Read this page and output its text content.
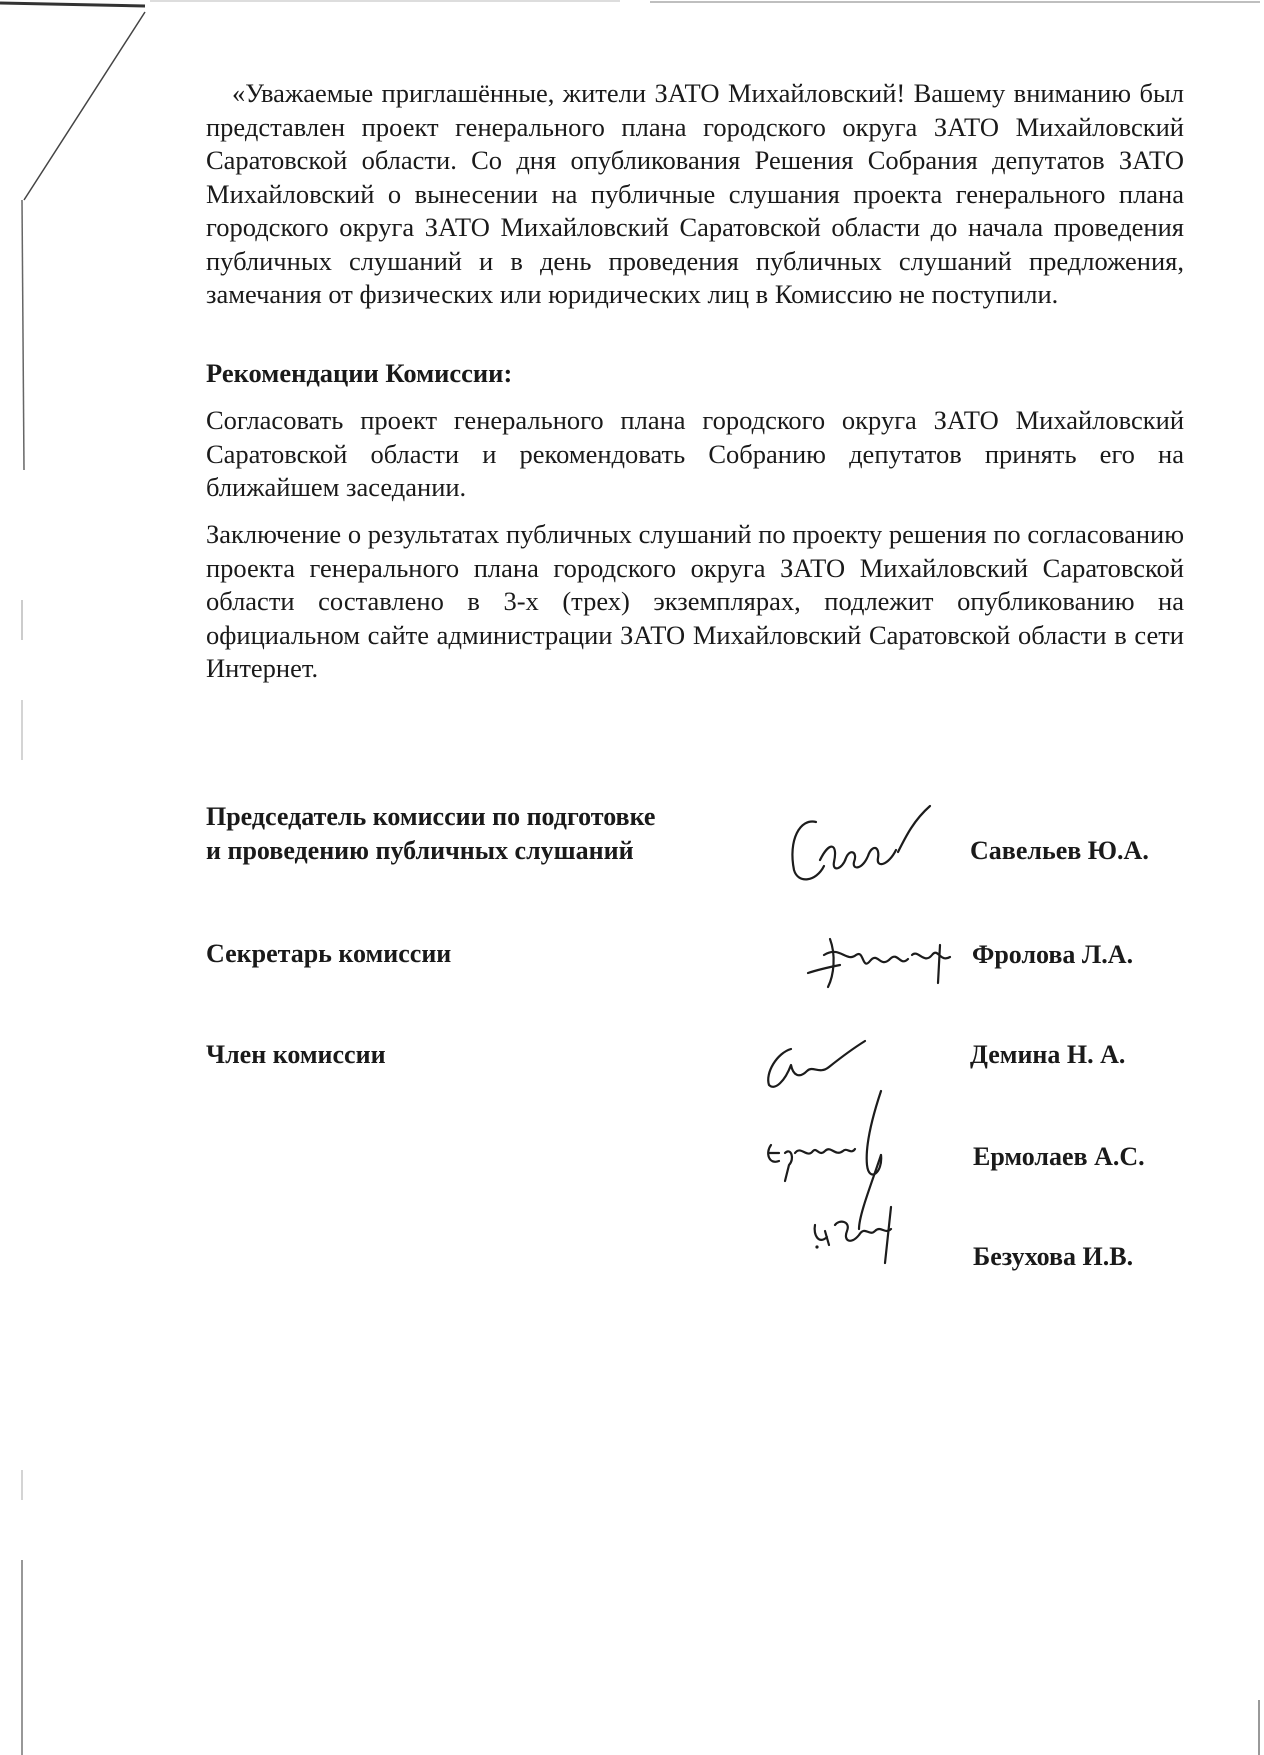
«Уважаемые приглашённые, жители ЗАТО Михайловский! Вашему вниманию был представлен проект генерального плана городского округа ЗАТО Михайловский Саратовской области. Со дня опубликования Решения Собрания депутатов ЗАТО Михайловский о вынесении на публичные слушания проекта генерального плана городского округа ЗАТО Михайловский Саратовской области до начала проведения публичных слушаний и в день проведения публичных слушаний предложения, замечания от физических или юридических лиц в Комиссию не поступили.

Рекомендации Комиссии:

Согласовать проект генерального плана городского округа ЗАТО Михайловский Саратовской области и рекомендовать Собранию депутатов принять его на ближайшем заседании.

Заключение о результатах публичных слушаний по проекту решения по согласованию проекта генерального плана городского округа ЗАТО Михайловский Саратовской области составлено в 3-х (трех) экземплярах, подлежит опубликованию на официальном сайте администрации ЗАТО Михайловский Саратовской области в сети Интернет.

Председатель комиссии по подготовке
и проведению публичных слушаний	Савельев Ю.А.
Секретарь комиссии	Фролова Л.А.
Член комиссии	Демина Н. А.
Ермолаев А.С.
Безухова И.В.
